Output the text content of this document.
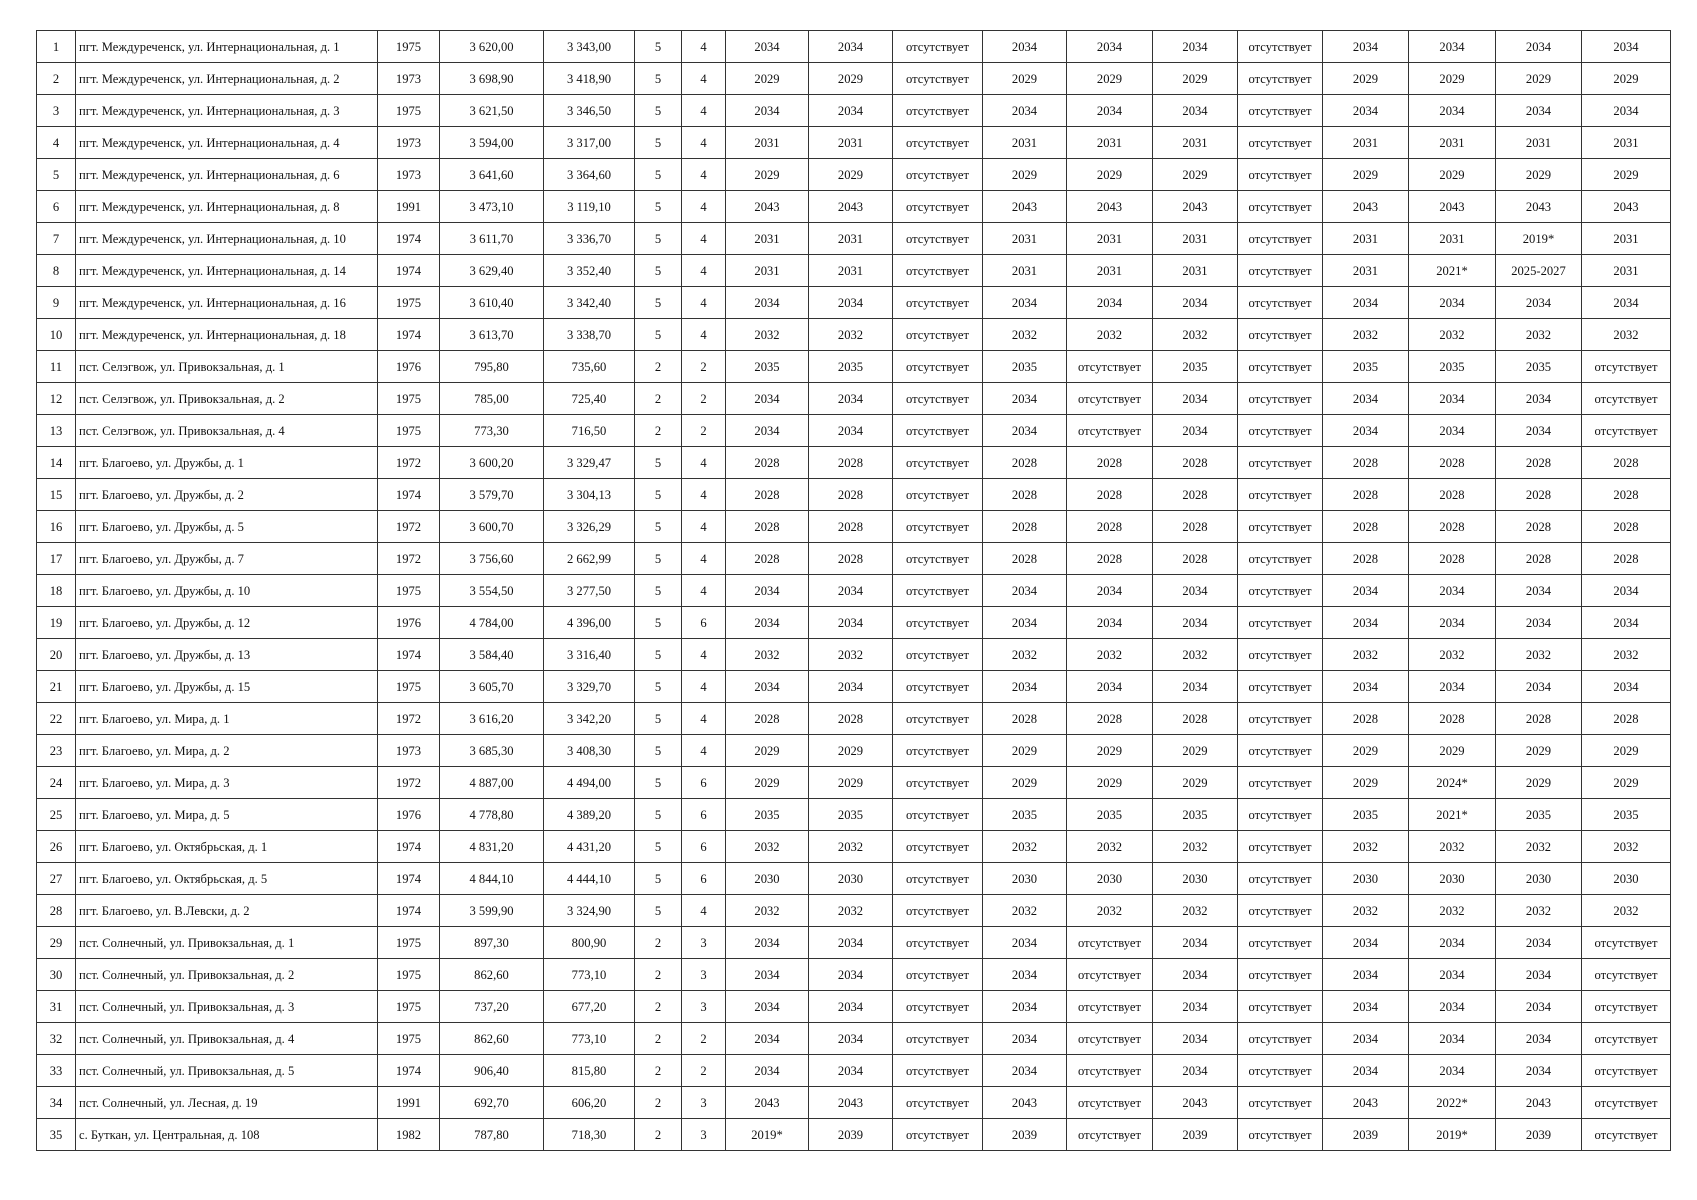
1	пгт. Междуреченск, ул. Интернациональная, д. 1	1975	3 620,00	3 343,00	5	4	2034	2034	отсутствует	2034	2034	2034	отсутствует	2034	2034	2034	2034
2	пгт. Междуреченск, ул. Интернациональная, д. 2	1973	3 698,90	3 418,90	5	4	2029	2029	отсутствует	2029	2029	2029	отсутствует	2029	2029	2029	2029
3	пгт. Междуреченск, ул. Интернациональная, д. 3	1975	3 621,50	3 346,50	5	4	2034	2034	отсутствует	2034	2034	2034	отсутствует	2034	2034	2034	2034
4	пгт. Междуреченск, ул. Интернациональная, д. 4	1973	3 594,00	3 317,00	5	4	2031	2031	отсутствует	2031	2031	2031	отсутствует	2031	2031	2031	2031
5	пгт. Междуреченск, ул. Интернациональная, д. 6	1973	3 641,60	3 364,60	5	4	2029	2029	отсутствует	2029	2029	2029	отсутствует	2029	2029	2029	2029
6	пгт. Междуреченск, ул. Интернациональная, д. 8	1991	3 473,10	3 119,10	5	4	2043	2043	отсутствует	2043	2043	2043	отсутствует	2043	2043	2043	2043
7	пгт. Междуреченск, ул. Интернациональная, д. 10	1974	3 611,70	3 336,70	5	4	2031	2031	отсутствует	2031	2031	2031	отсутствует	2031	2031	2019*	2031
8	пгт. Междуреченск, ул. Интернациональная, д. 14	1974	3 629,40	3 352,40	5	4	2031	2031	отсутствует	2031	2031	2031	отсутствует	2031	2021*	2025-2027	2031
9	пгт. Междуреченск, ул. Интернациональная, д. 16	1975	3 610,40	3 342,40	5	4	2034	2034	отсутствует	2034	2034	2034	отсутствует	2034	2034	2034	2034
10	пгт. Междуреченск, ул. Интернациональная, д. 18	1974	3 613,70	3 338,70	5	4	2032	2032	отсутствует	2032	2032	2032	отсутствует	2032	2032	2032	2032
11	пст. Селэгвож, ул. Привокзальная, д. 1	1976	795,80	735,60	2	2	2035	2035	отсутствует	2035	отсутствует	2035	отсутствует	2035	2035	2035	отсутствует
12	пст. Селэгвож, ул. Привокзальная, д. 2	1975	785,00	725,40	2	2	2034	2034	отсутствует	2034	отсутствует	2034	отсутствует	2034	2034	2034	отсутствует
13	пст. Селэгвож, ул. Привокзальная, д. 4	1975	773,30	716,50	2	2	2034	2034	отсутствует	2034	отсутствует	2034	отсутствует	2034	2034	2034	отсутствует
14	пгт. Благоево, ул. Дружбы, д. 1	1972	3 600,20	3 329,47	5	4	2028	2028	отсутствует	2028	2028	2028	отсутствует	2028	2028	2028	2028
15	пгт. Благоево, ул. Дружбы, д. 2	1974	3 579,70	3 304,13	5	4	2028	2028	отсутствует	2028	2028	2028	отсутствует	2028	2028	2028	2028
16	пгт. Благоево, ул. Дружбы, д. 5	1972	3 600,70	3 326,29	5	4	2028	2028	отсутствует	2028	2028	2028	отсутствует	2028	2028	2028	2028
17	пгт. Благоево, ул. Дружбы, д. 7	1972	3 756,60	2 662,99	5	4	2028	2028	отсутствует	2028	2028	2028	отсутствует	2028	2028	2028	2028
18	пгт. Благоево, ул. Дружбы, д. 10	1975	3 554,50	3 277,50	5	4	2034	2034	отсутствует	2034	2034	2034	отсутствует	2034	2034	2034	2034
19	пгт. Благоево, ул. Дружбы, д. 12	1976	4 784,00	4 396,00	5	6	2034	2034	отсутствует	2034	2034	2034	отсутствует	2034	2034	2034	2034
20	пгт. Благоево, ул. Дружбы, д. 13	1974	3 584,40	3 316,40	5	4	2032	2032	отсутствует	2032	2032	2032	отсутствует	2032	2032	2032	2032
21	пгт. Благоево, ул. Дружбы, д. 15	1975	3 605,70	3 329,70	5	4	2034	2034	отсутствует	2034	2034	2034	отсутствует	2034	2034	2034	2034
22	пгт. Благоево, ул. Мира, д. 1	1972	3 616,20	3 342,20	5	4	2028	2028	отсутствует	2028	2028	2028	отсутствует	2028	2028	2028	2028
23	пгт. Благоево, ул. Мира, д. 2	1973	3 685,30	3 408,30	5	4	2029	2029	отсутствует	2029	2029	2029	отсутствует	2029	2029	2029	2029
24	пгт. Благоево, ул. Мира, д. 3	1972	4 887,00	4 494,00	5	6	2029	2029	отсутствует	2029	2029	2029	отсутствует	2029	2024*	2029	2029
25	пгт. Благоево, ул. Мира, д. 5	1976	4 778,80	4 389,20	5	6	2035	2035	отсутствует	2035	2035	2035	отсутствует	2035	2021*	2035	2035
26	пгт. Благоево, ул. Октябрьская, д. 1	1974	4 831,20	4 431,20	5	6	2032	2032	отсутствует	2032	2032	2032	отсутствует	2032	2032	2032	2032
27	пгт. Благоево, ул. Октябрьская, д. 5	1974	4 844,10	4 444,10	5	6	2030	2030	отсутствует	2030	2030	2030	отсутствует	2030	2030	2030	2030
28	пгт. Благоево, ул. В.Левски, д. 2	1974	3 599,90	3 324,90	5	4	2032	2032	отсутствует	2032	2032	2032	отсутствует	2032	2032	2032	2032
29	пст. Солнечный, ул. Привокзальная, д. 1	1975	897,30	800,90	2	3	2034	2034	отсутствует	2034	отсутствует	2034	отсутствует	2034	2034	2034	отсутствует
30	пст. Солнечный, ул. Привокзальная, д. 2	1975	862,60	773,10	2	3	2034	2034	отсутствует	2034	отсутствует	2034	отсутствует	2034	2034	2034	отсутствует
31	пст. Солнечный, ул. Привокзальная, д. 3	1975	737,20	677,20	2	3	2034	2034	отсутствует	2034	отсутствует	2034	отсутствует	2034	2034	2034	отсутствует
32	пст. Солнечный, ул. Привокзальная, д. 4	1975	862,60	773,10	2	2	2034	2034	отсутствует	2034	отсутствует	2034	отсутствует	2034	2034	2034	отсутствует
33	пст. Солнечный, ул. Привокзальная, д. 5	1974	906,40	815,80	2	2	2034	2034	отсутствует	2034	отсутствует	2034	отсутствует	2034	2034	2034	отсутствует
34	пст. Солнечный, ул. Лесная, д. 19	1991	692,70	606,20	2	3	2043	2043	отсутствует	2043	отсутствует	2043	отсутствует	2043	2022*	2043	отсутствует
35	с. Буткан, ул. Центральная, д. 108	1982	787,80	718,30	2	3	2019*	2039	отсутствует	2039	отсутствует	2039	отсутствует	2039	2019*	2039	отсутствует
